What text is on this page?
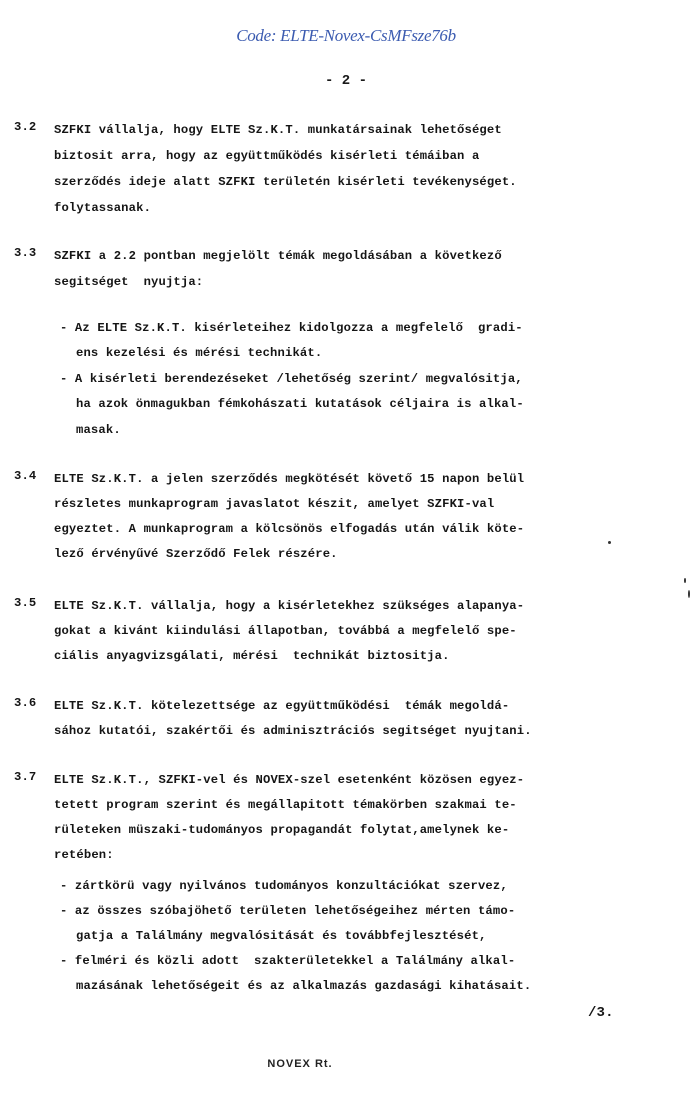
Code: ELTE-Novex-CsMFsze76b
- 2 -

3.2

SZFKI vállalja, hogy ELTE Sz.K.T. munkatársainak lehetőséget

biztosit arra, hogy az együttműködés kisérleti témáiban a

szerződés ideje alatt SZFKI területén kisérleti tevékenységet.

folytassanak.

3.3

SZFKI a 2.2 pontban megjelölt témák megoldásában a következő

segitséget  nyujtja:

- Az ELTE Sz.K.T. kisérleteihez kidolgozza a megfelelő  gradi-

ens kezelési és mérési technikát.

- A kisérleti berendezéseket /lehetőség szerint/ megvalósitja,

ha azok önmagukban fémkohászati kutatások céljaira is alkal-

masak.

3.4

ELTE Sz.K.T. a jelen szerződés megkötését követő 15 napon belül

részletes munkaprogram javaslatot készit, amelyet SZFKI-val

egyeztet. A munkaprogram a kölcsönös elfogadás után válik köte-

lező érvényűvé Szerződő Felek részére.

3.5

ELTE Sz.K.T. vállalja, hogy a kisérletekhez szükséges alapanya-

gokat a kivánt kiindulási állapotban, továbbá a megfelelő spe-

ciális anyagvizsgálati, mérési  technikát biztositja.

3.6

ELTE Sz.K.T. kötelezettsége az együttműködési  témák megoldá-

sához kutatói, szakértői és adminisztrációs segitséget nyujtani.

3.7

ELTE Sz.K.T., SZFKI-vel és NOVEX-szel esetenként közösen egyez-

tetett program szerint és megállapitott témakörben szakmai te-

rületeken müszaki-tudományos propagandát folytat,amelynek ke-

retében:

- zártkörü vagy nyilvános tudományos konzultációkat szervez,

- az összes szóbajöhető területen lehetőségeihez mérten támo-

gatja a Találmány megvalósitását és továbbfejlesztését,

- felméri és közli adott  szakterületekkel a Találmány alkal-

mazásának lehetőségeit és az alkalmazás gazdasági kihatásait.

/3.
NOVEX Rt.
